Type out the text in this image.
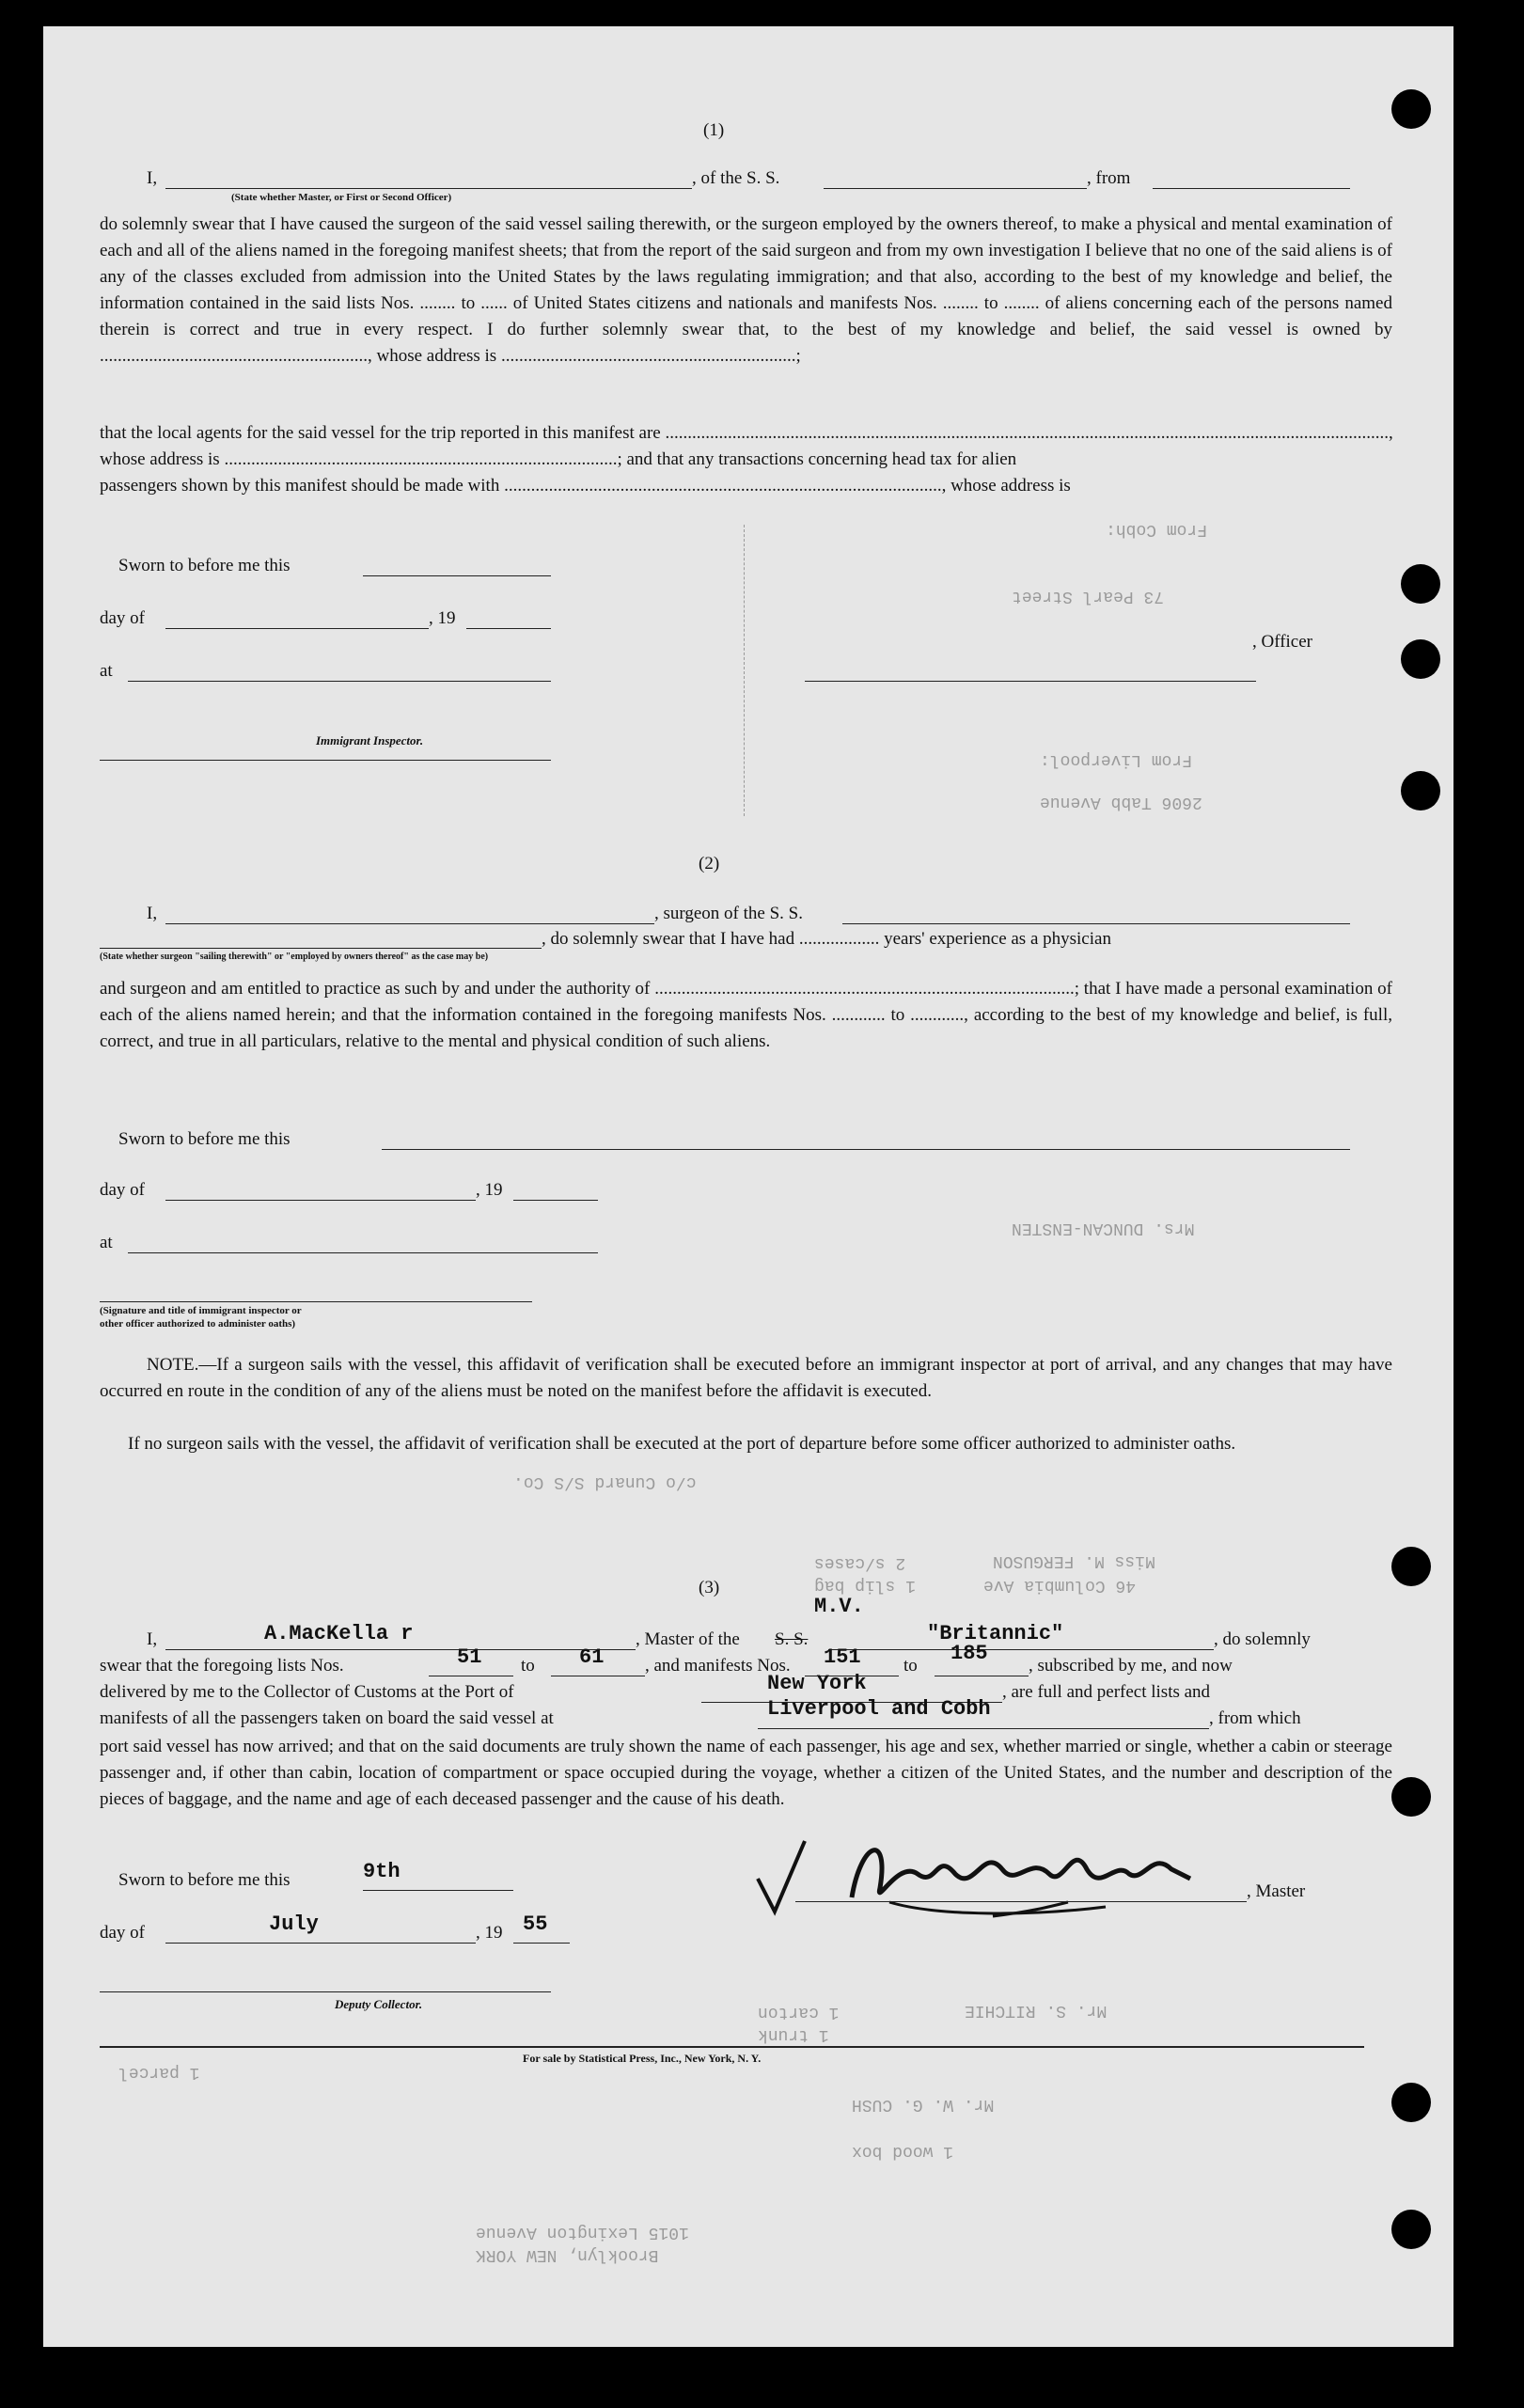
(1)
I,	, of the S. S.	, from
(State whether Master, or First or Second Officer)
do solemnly swear that I have caused the surgeon of the said vessel sailing therewith, or the surgeon employed by the owners thereof, to make a physical and mental examination of each and all of the aliens named in the foregoing manifest sheets; that from the report of the said surgeon and from my own investigation I believe that no one of the said aliens is of any of the classes excluded from admission into the United States by the laws regulating immigration; and that also, according to the best of my knowledge and belief, the information contained in the said lists Nos. ........ to ...... of United States citizens and nationals and manifests Nos. ........ to ........ of aliens concerning each of the persons named therein is correct and true in every respect. I do further solemnly swear that, to the best of my knowledge and belief, the said vessel is owned by ............................................................, whose address is ..................................................................;
that the local agents for the said vessel for the trip reported in this manifest are ..................................................................................................................................................................,
whose address is ........................................................................................; and that any transactions concerning head tax for alien
passengers shown by this manifest should be made with .................................................................................................., whose address is
Sworn to before me this
day of	, 19
at
, Officer
Immigrant Inspector.
(2)
I,	, surgeon of the S. S.
(State whether surgeon "sailing therewith" or "employed by owners thereof" as the case may be)
, do solemnly swear that I have had .................. years' experience as a physician
and surgeon and am entitled to practice as such by and under the authority of ..............................................................................................; that I have made a personal examination of each of the aliens named herein; and that the information contained in the foregoing manifests Nos. ............ to ............, according to the best of my knowledge and belief, is full, correct, and true in all particulars, relative to the mental and physical condition of such aliens.
Sworn to before me this
day of	, 19
at
(Signature and title of immigrant inspector or
other officer authorized to administer oaths)
NOTE.—If a surgeon sails with the vessel, this affidavit of verification shall be executed before an immigrant inspector at port of arrival, and any changes that may have occurred en route in the condition of any of the aliens must be noted on the manifest before the affidavit is executed.
If no surgeon sails with the vessel, the affidavit of verification shall be executed at the port of departure before some officer authorized to administer oaths.
(3)
I,	A.MacKella r	, Master of the S. S.
M.V.
"Britannic"	, do solemnly
swear that the foregoing lists Nos.	51 to 61 , and manifests Nos. 151 to
185
, subscribed by me, and now
delivered by me to the Collector of Customs at the Port of	New York	, are full and perfect lists and
manifests of all the passengers taken on board the said vessel at	Liverpool and Cobh	, from which
port said vessel has now arrived; and that on the said documents are truly shown the name of each passenger, his age and sex, whether married or single, whether a cabin or steerage passenger and, if other than cabin, location of compartment or space occupied during the voyage, whether a citizen of the United States, and the number and description of the pieces of baggage, and the name and age of each deceased passenger and the cause of his death.
Sworn to before me this	9th
day of	July	, 19 55
, Master
Deputy Collector.
For sale by Statistical Press, Inc., New York, N. Y.
Miss M. FERGUSON
46 Columbia Ave
1 slip bag
2 s/cases
Mrs. DUNCAN-ENSTEN
c/o Cunard S/S Co.
From Liverpool:
2606 Tabb Avenue
From Cobh:
73 Pearl Street
Mr. W. G. CUSH
1015 Lexington Avenue
Brooklyn, NEW YORK
1 carton
1 trunk
Mr. S. RITCHIE
1 parcel
1 wood box
